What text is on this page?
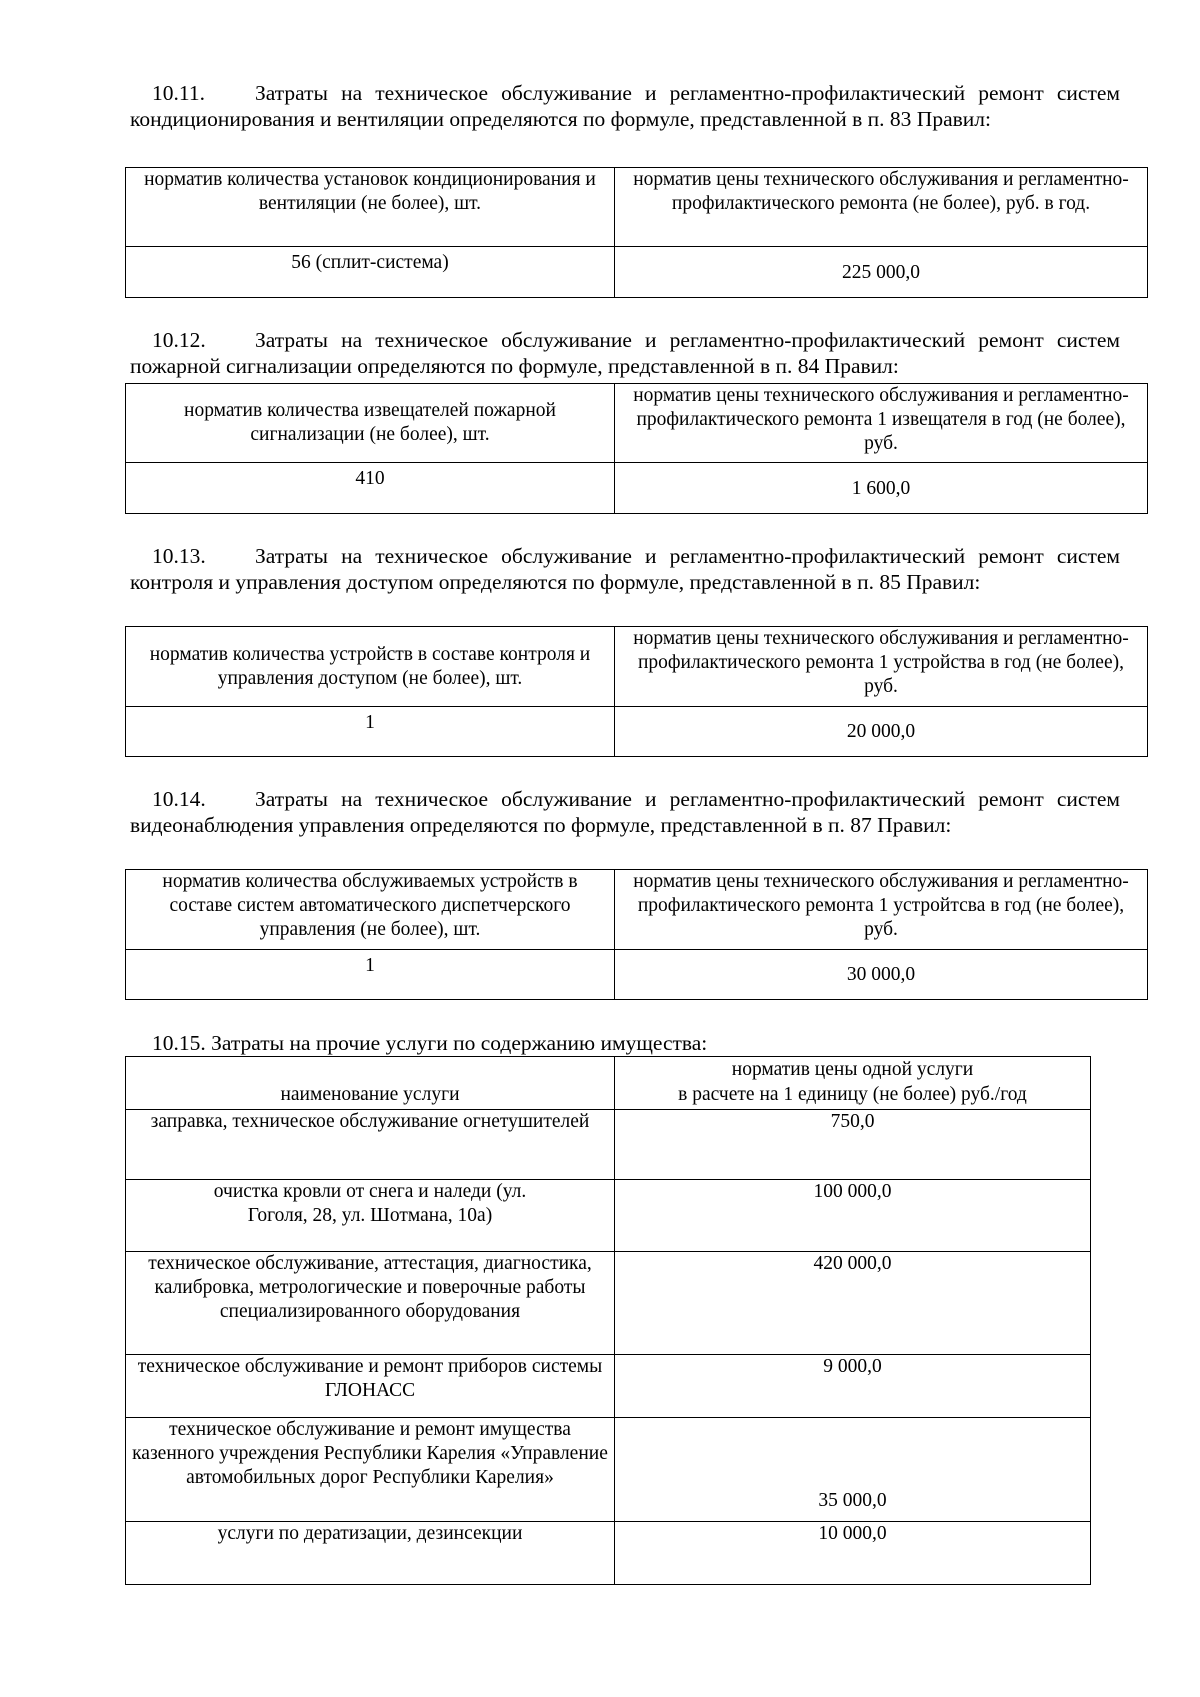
10.11. Затраты на техническое обслуживание и регламентно-профилактический ремонт систем кондиционирования и вентиляции определяются по формуле, представленной в п. 83 Правил:
норматив количества установок кондиционирования и вентиляции (не более), шт.	норматив цены технического обслуживания и регламентно-профилактического ремонта (не более), руб. в год.
56 (сплит-система)	225 000,0
10.12. Затраты на техническое обслуживание и регламентно-профилактический ремонт систем пожарной сигнализации определяются по формуле, представленной в п. 84 Правил:
норматив количества извещателей пожарной сигнализации (не более), шт.	норматив цены технического обслуживания и регламентно-профилактического ремонта 1 извещателя в год (не более), руб.
410	1 600,0
10.13. Затраты на техническое обслуживание и регламентно-профилактический ремонт систем контроля и управления доступом определяются по формуле, представленной в п. 85 Правил:
норматив количества устройств в составе контроля и управления доступом (не более), шт.	норматив цены технического обслуживания и регламентно-профилактического ремонта 1 устройства в год (не более), руб.
1	20 000,0
10.14. Затраты на техническое обслуживание и регламентно-профилактический ремонт систем видеонаблюдения управления определяются по формуле, представленной в п. 87 Правил:
норматив количества обслуживаемых устройств в составе систем автоматического диспетчерского управления (не более), шт.	норматив цены технического обслуживания и регламентно-профилактического ремонта 1 устройтсва в год (не более), руб.
1	30 000,0
10.15. Затраты на прочие услуги по содержанию имущества:
наименование услуги	норматив цены одной услуги
в расчете на 1 единицу (не более) руб./год

заправка, техническое обслуживание огнетушителей	750,0
очистка кровли от снега и наледи (ул. Гоголя, 28, ул. Шотмана, 10а)	100 000,0
техническое обслуживание, аттестация, диагностика, калибровка, метрологические и поверочные работы специализированного оборудования	420 000,0
техническое обслуживание и ремонт приборов системы ГЛОНАСС	9 000,0
техническое обслуживание и ремонт имущества казенного учреждения Республики Карелия «Управление автомобильных дорог Республики Карелия»	35 000,0
услуги по дератизации, дезинсекции	10 000,0
